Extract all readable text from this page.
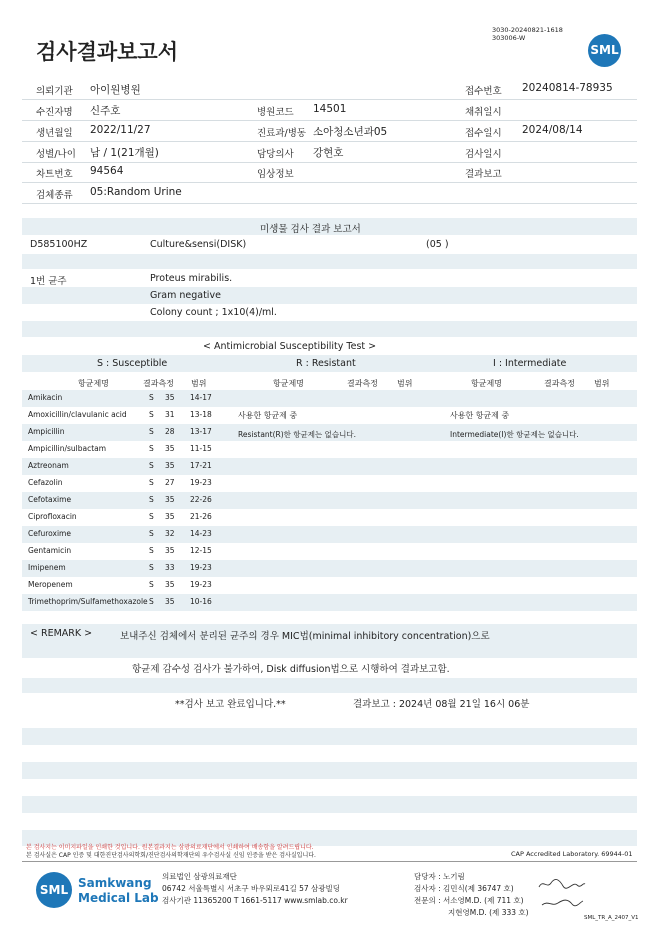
검사결과보고서
3030-20240821-1618
303006-W
SML
의뢰기관 아이원병원	접수번호 20240814-78935
수진자명 신주호	병원코드 14501	채취일시
생년월일 2022/11/27	진료과/병동 소아청소년과05	접수일시 2024/08/14
성별/나이 남 / 1(21개월)	담당의사 강현호	검사일시
차트번호 94564	임상정보	결과보고
검체종류 05:Random Urine
미생물 검사 결과 보고서
D585100HZ	Culture&sensi(DISK)	(05 )
1번 균주	Proteus mirabilis.
Gram negative
Colony count ; 1x10(4)/ml.
< Antimicrobial Susceptibility Test >
S : Susceptible	R : Resistant	I : Intermediate
항균제명	결과측정 범위	항균제명	결과측정 범위	항균제명	결과측정 범위
Amikacin	S 35 14-17
Amoxicillin/clavulanic acid	S 31 13-18
Ampicillin	S 28 13-17
Ampicillin/sulbactam	S 35 11-15
Aztreonam	S 35 17-21
Cefazolin	S 27 19-23
Cefotaxime	S 35 22-26
Ciprofloxacin	S 35 21-26
Cefuroxime	S 32 14-23
Gentamicin	S 35 12-15
Imipenem	S 33 19-23
Meropenem	S 35 19-23
Trimethoprim/Sulfamethoxazole S 35 10-16
사용한 항균제 중
Resistant(R)한 항균제는 없습니다.
사용한 항균제 중
Intermediate(I)한 항균제는 없습니다.
< REMARK >	보내주신 검체에서 분리된 균주의 경우 MIC법(minimal inhibitory concentration)으로
항균제 감수성 검사가 불가하여, Disk diffusion법으로 시행하여 결과보고함.
**검사 보고 완료입니다.**	결과보고 : 2024년 08월 21일 16시 06분
본 검사지는 이미지파일을 인쇄한 것입니다. 원본결과지는 삼광의료재단에서 인쇄하여 배송함을 알려드립니다.
본 검사실은 CAP 인증 및 대한진단검사의학회/진단검사의학재단의 우수검사실 신임 인증을 받은 검사실입니다.	CAP Accredited Laboratory. 69944-01
SML Samkwang
Medical Lab
의료법인 삼광의료재단
06742 서울특별시 서초구 바우뫼로41길 57 삼광빌딩
검사기관 11365200 T 1661-5117 www.smlab.co.kr
담당자 : 노기림
검사자 : 김민식(제 36747 호)
전문의 : 서소영M.D. (제 711 호)
지현영M.D. (제 333 호)
SML_TR_A_2407_V1
